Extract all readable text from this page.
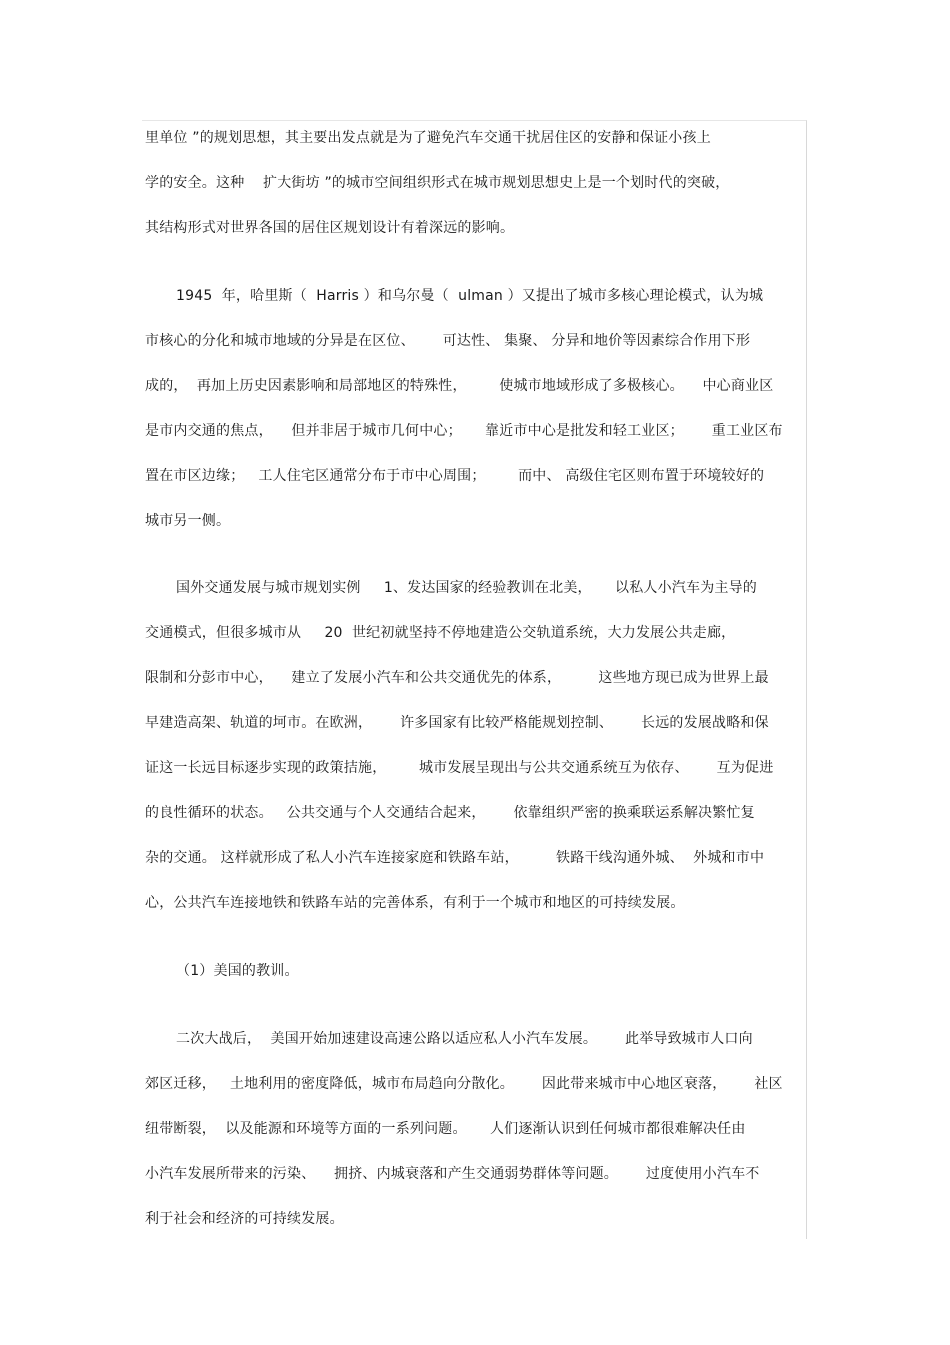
里单位 ”的规划思想，其主要出发点就是为了避免汽车交通干扰居住区的安静和保证小孩上
学的安全。这种    扩大街坊 ”的城市空间组织形式在城市规划思想史上是一个划时代的突破，
其结构形式对世界各国的居住区规划设计有着深远的影响。
1945  年，哈里斯（  Harris ）和乌尔曼（  ulman ）又提出了城市多核心理论模式，认为城
市核心的分化和城市地域的分异是在区位、      可达性、 集聚、 分异和地价等因素综合作用下形
成的，  再加上历史因素影响和局部地区的特殊性，       使城市地域形成了多极核心。    中心商业区
是市内交通的焦点，    但并非居于城市几何中心；     靠近市中心是批发和轻工业区；      重工业区布
置在市区边缘；   工人住宅区通常分布于市中心周围；       而中、 高级住宅区则布置于环境较好的
城市另一侧。
国外交通发展与城市规划实例     1、发达国家的经验教训在北美，     以私人小汽车为主导的
交通模式，但很多城市从     20  世纪初就坚持不停地建造公交轨道系统，大力发展公共走廊，
限制和分彭市中心，    建立了发展小汽车和公共交通优先的体系，        这些地方现已成为世界上最
早建造高架、轨道的坷市。在欧洲，      许多国家有比较严格能规划控制、      长远的发展战略和保
证这一长远目标逐步实现的政策拮施，       城市发展呈现出与公共交通系统互为依存、      互为促进
的良性循环的状态。   公共交通与个人交通结合起来，      依靠组织严密的换乘联运系解决繁忙复
杂的交通。 这样就形成了私人小汽车连接家庭和铁路车站，        铁路干线沟通外城、  外城和市中
心，公共汽车连接地铁和铁路车站的完善体系，有利于一个城市和地区的可持续发展。
（1）美国的教训。
二次大战后，  美国开始加速建设高速公路以适应私人小汽车发展。      此举导致城市人口向
郊区迁移，   土地利用的密度降低，城市布局趋向分散化。      因此带来城市中心地区衰落，      社区
纽带断裂，  以及能源和环境等方面的一系列问题。     人们逐渐认识到任何城市都很难解决任由
小汽车发展所带来的污染、    拥挤、内城衰落和产生交通弱势群体等问题。      过度使用小汽车不
利于社会和经济的可持续发展。
